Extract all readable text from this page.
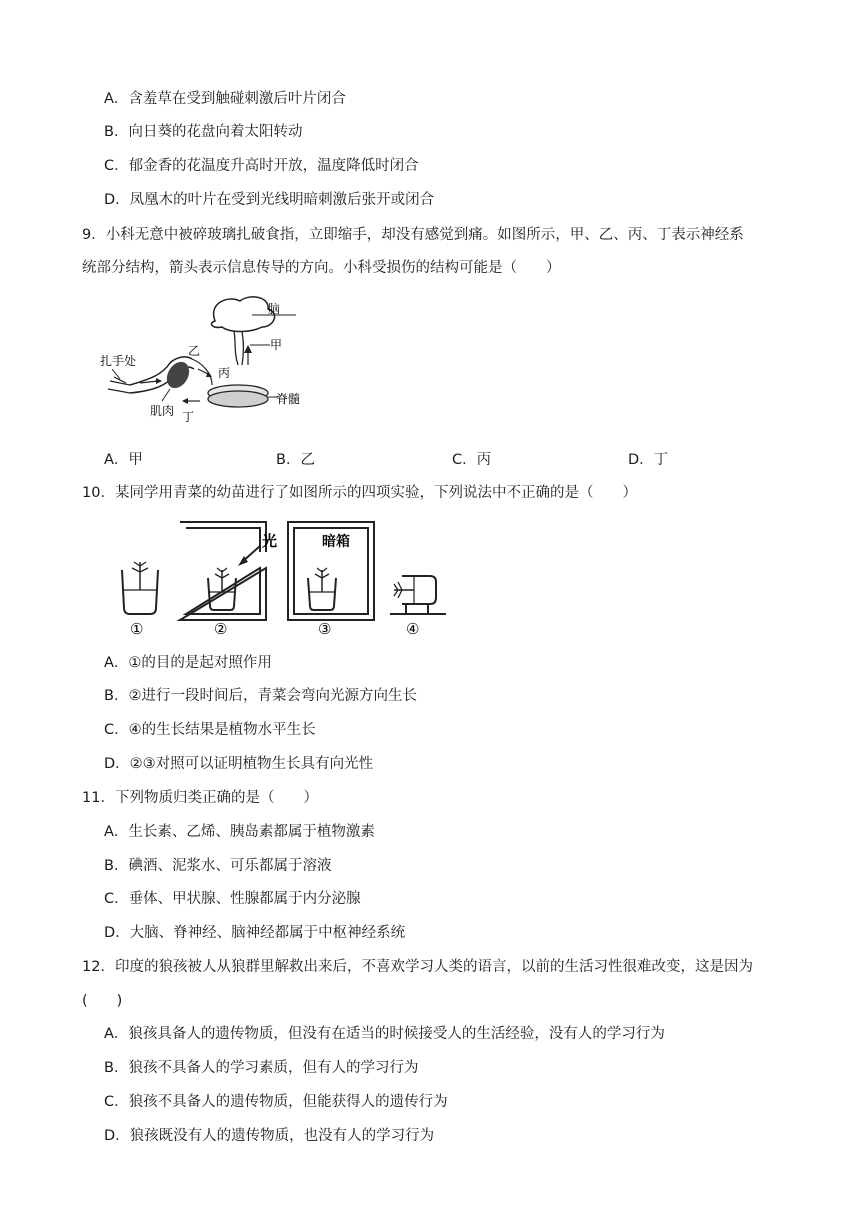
A．含羞草在受到触碰刺激后叶片闭合
B．向日葵的花盘向着太阳转动
C．郁金香的花温度升高时开放，温度降低时闭合
D．凤凰木的叶片在受到光线明暗刺激后张开或闭合
9．小科无意中被碎玻璃扎破食指，立即缩手，却没有感觉到痛。如图所示，甲、乙、丙、丁表示神经系
统部分结构，箭头表示信息传导的方向。小科受损伤的结构可能是（　　）
脑
甲
脊髓
丙
扎手处
乙
丁
肌肉
A．甲	B．乙	C．丙	D．丁
10．某同学用青菜的幼苗进行了如图所示的四项实验，下列说法中不正确的是（　　）
①
光
②
暗箱
③	④
A．①的目的是起对照作用
B．②进行一段时间后，青菜会弯向光源方向生长
C．④的生长结果是植物水平生长
D．②③对照可以证明植物生长具有向光性
11．下列物质归类正确的是（　　）
A．生长素、乙烯、胰岛素都属于植物激素
B．碘酒、泥浆水、可乐都属于溶液
C．垂体、甲状腺、性腺都属于内分泌腺
D．大脑、脊神经、脑神经都属于中枢神经系统
12．印度的狼孩被人从狼群里解救出来后，不喜欢学习人类的语言，以前的生活习性很难改变，这是因为
(　　)
A．狼孩具备人的遗传物质，但没有在适当的时候接受人的生活经验，没有人的学习行为
B．狼孩不具备人的学习素质，但有人的学习行为
C．狼孩不具备人的遗传物质，但能获得人的遗传行为
D．狼孩既没有人的遗传物质，也没有人的学习行为
